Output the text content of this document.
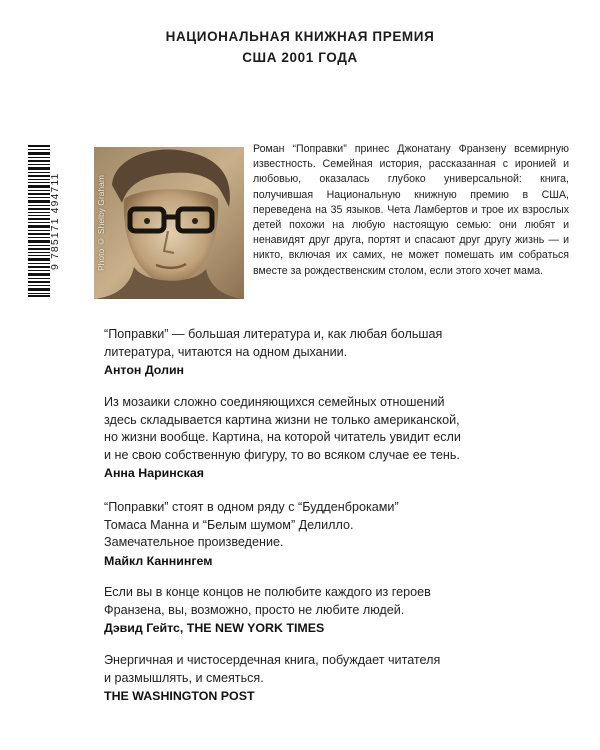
НАЦИОНАЛЬНАЯ КНИЖНАЯ ПРЕМИЯ
США 2001 ГОДА
9 785171 494711	Photo © Shelby Graham
Роман “Поправки” принес Джонатану Франзену всемирную известность. Семейная история, рассказанная с иронией и любовью, оказалась глубоко универсальной: книга, получившая Национальную книжную премию в США, переведена на 35 языков. Чета Ламбертов и трое их взрослых детей похожи на любую настоящую семью: они любят и ненавидят друг друга, портят и спасают друг другу жизнь — и никто, включая их самих, не может помешать им собраться вместе за рождественским столом, если этого хочет мама.
“Поправки” — большая литература и, как любая большая
литература, читаются на одном дыхании.
Антон Долин
Из мозаики сложно соединяющихся семейных отношений
здесь складывается картина жизни не только американской,
но жизни вообще. Картина, на которой читатель увидит если
и не свою собственную фигуру, то во всяком случае ее тень.
Анна Наринская
“Поправки” стоят в одном ряду с “Будденброками”
Томаса Манна и “Белым шумом” Делилло.
Замечательное произведение.
Майкл Каннингем
Если вы в конце концов не полюбите каждого из героев
Франзена, вы, возможно, просто не любите людей.
Дэвид Гейтс, THE NEW YORK TIMES
Энергичная и чистосердечная книга, побуждает читателя
и размышлять, и смеяться.
THE WASHINGTON POST
